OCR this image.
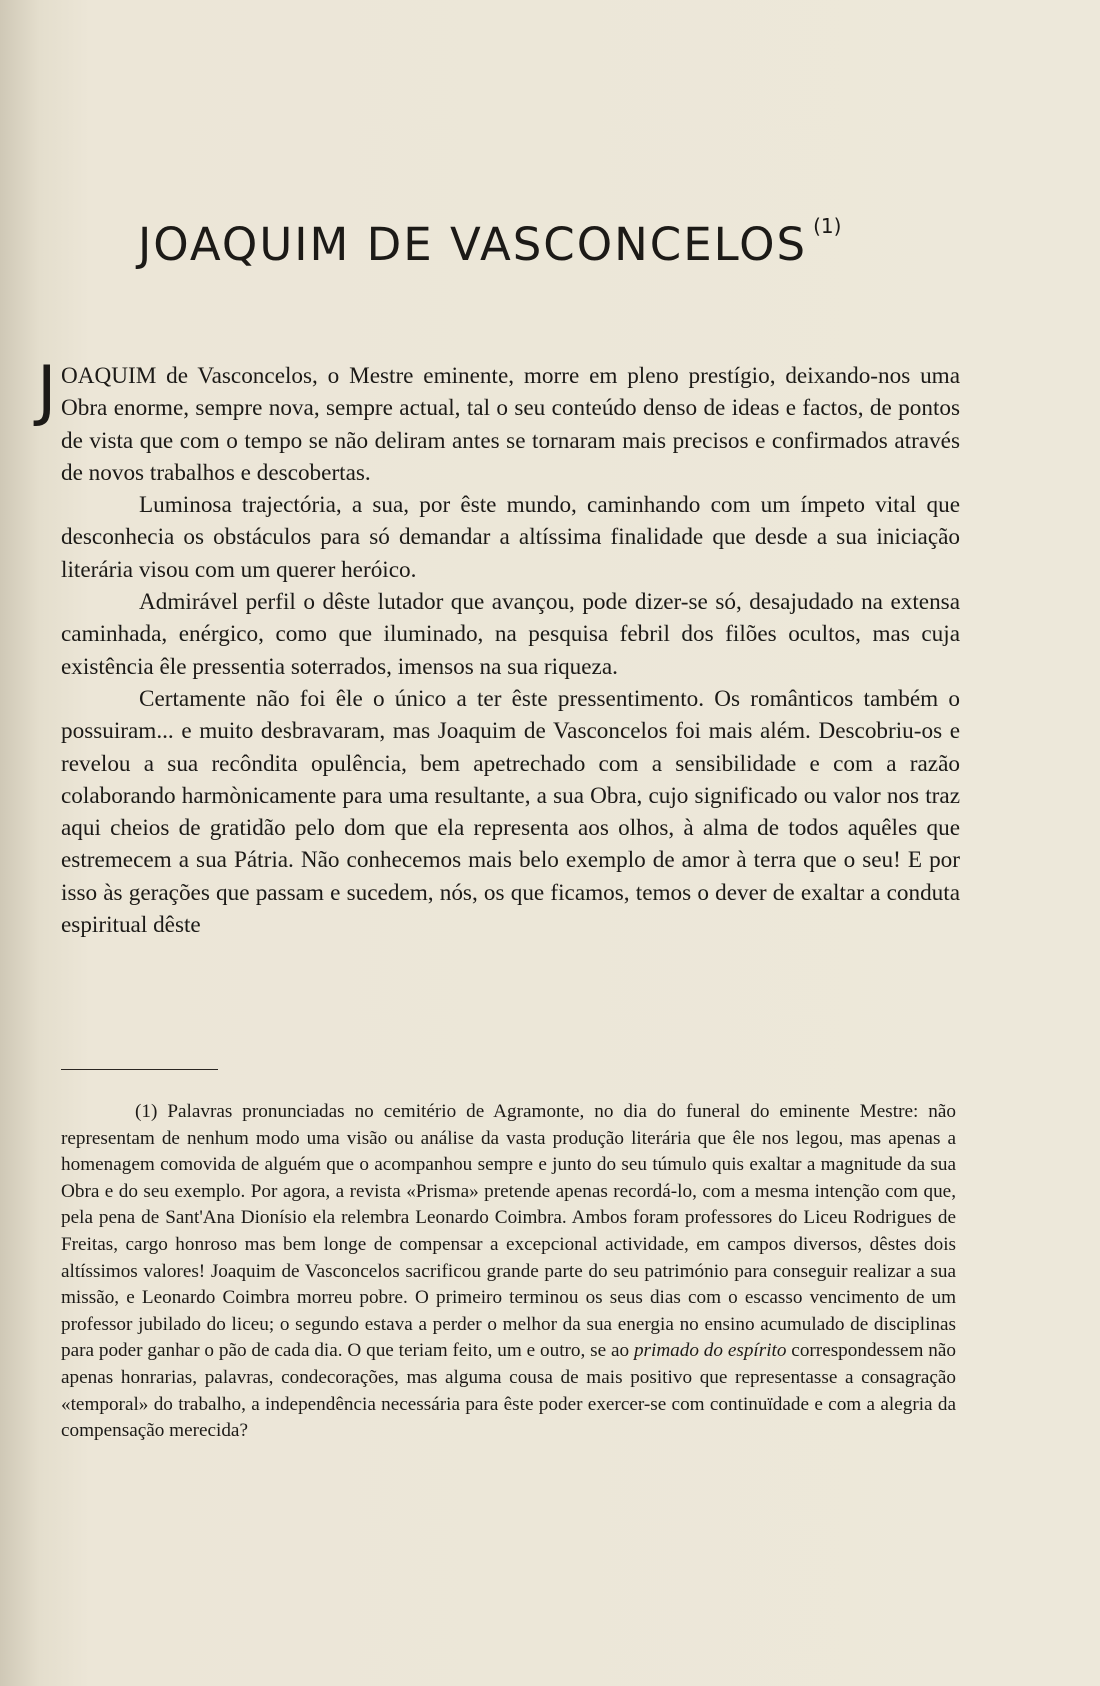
JOAQUIM DE VASCONCELOS $^{(1)}$

JOAQUIM de Vasconcelos, o Mestre eminente, morre em pleno prestígio, deixando-nos uma Obra enorme, sempre nova, sempre actual, tal o seu conteúdo denso de ideas e factos, de pontos de vista que com o tempo se não deliram antes se tornaram mais precisos e confirmados através de novos trabalhos e descobertas.

Luminosa trajectória, a sua, por êste mundo, caminhando com um ímpeto vital que desconhecia os obstáculos para só demandar a altíssima finalidade que desde a sua iniciação literária visou com um querer heróico.

Admirável perfil o dêste lutador que avançou, pode dizer-se só, desajudado na extensa caminhada, enérgico, como que iluminado, na pesquisa febril dos filões ocultos, mas cuja existência êle pressentia soterrados, imensos na sua riqueza.

Certamente não foi êle o único a ter êste pressentimento. Os românticos também o possuiram... e muito desbravaram, mas Joaquim de Vasconcelos foi mais além. Descobriu-os e revelou a sua recôndita opulência, bem apetrechado com a sensibilidade e com a razão colaborando harmònicamente para uma resultante, a sua Obra, cujo significado ou valor nos traz aqui cheios de gratidão pelo dom que ela representa aos olhos, à alma de todos aquêles que estremecem a sua Pátria. Não conhecemos mais belo exemplo de amor à terra que o seu! E por isso às gerações que passam e sucedem, nós, os que ficamos, temos o dever de exaltar a conduta espiritual dêste

(1) Palavras pronunciadas no cemitério de Agramonte, no dia do funeral do eminente Mestre: não representam de nenhum modo uma visão ou análise da vasta produção literária que êle nos legou, mas apenas a homenagem comovida de alguém que o acompanhou sempre e junto do seu túmulo quis exaltar a magnitude da sua Obra e do seu exemplo. Por agora, a revista «Prisma» pretende apenas recordá-lo, com a mesma intenção com que, pela pena de Sant'Ana Dionísio ela relembra Leonardo Coimbra. Ambos foram professores do Liceu Rodrigues de Freitas, cargo honroso mas bem longe de compensar a excepcional actividade, em campos diversos, dêstes dois altíssimos valores! Joaquim de Vasconcelos sacrificou grande parte do seu património para conseguir realizar a sua missão, e Leonardo Coimbra morreu pobre. O primeiro terminou os seus dias com o escasso vencimento de um professor jubilado do liceu; o segundo estava a perder o melhor da sua energia no ensino acumulado de disciplinas para poder ganhar o pão de cada dia. O que teriam feito, um e outro, se ao primado do espírito correspondessem não apenas honrarias, palavras, condecorações, mas alguma cousa de mais positivo que representasse a consagração «temporal» do trabalho, a independência necessária para êste poder exercer-se com continuïdade e com a alegria da compensação merecida?
